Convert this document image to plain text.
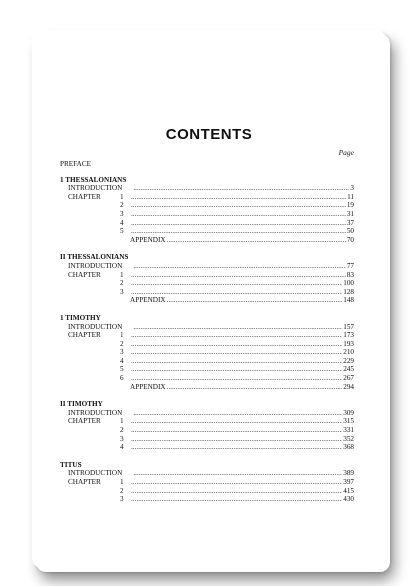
CONTENTS
Page
PREFACE
1 THESSALONIANS
INTRODUCTION .....	3
CHAPTER	1 .....	11
2 .....	19
3 .....	31
4 .....	37
5 .....	50
APPENDIX .....	70
II THESSALONIANS
INTRODUCTION .....	77
CHAPTER	1 .....	83
2 .....	100
3 .....	128
APPENDIX .....	148
1 TIMOTHY
INTRODUCTION .....	157
CHAPTER	1 .....	173
2 .....	193
3 .....	210
4 .....	229
5 .....	245
6 .....	267
APPENDIX .....	294
II TIMOTHY
INTRODUCTION .....	309
CHAPTER	1 .....	315
2 .....	331
3 .....	352
4 .....	368
TITUS
INTRODUCTION .....	389
CHAPTER	1 .....	397
2 .....	415
3 .....	430
